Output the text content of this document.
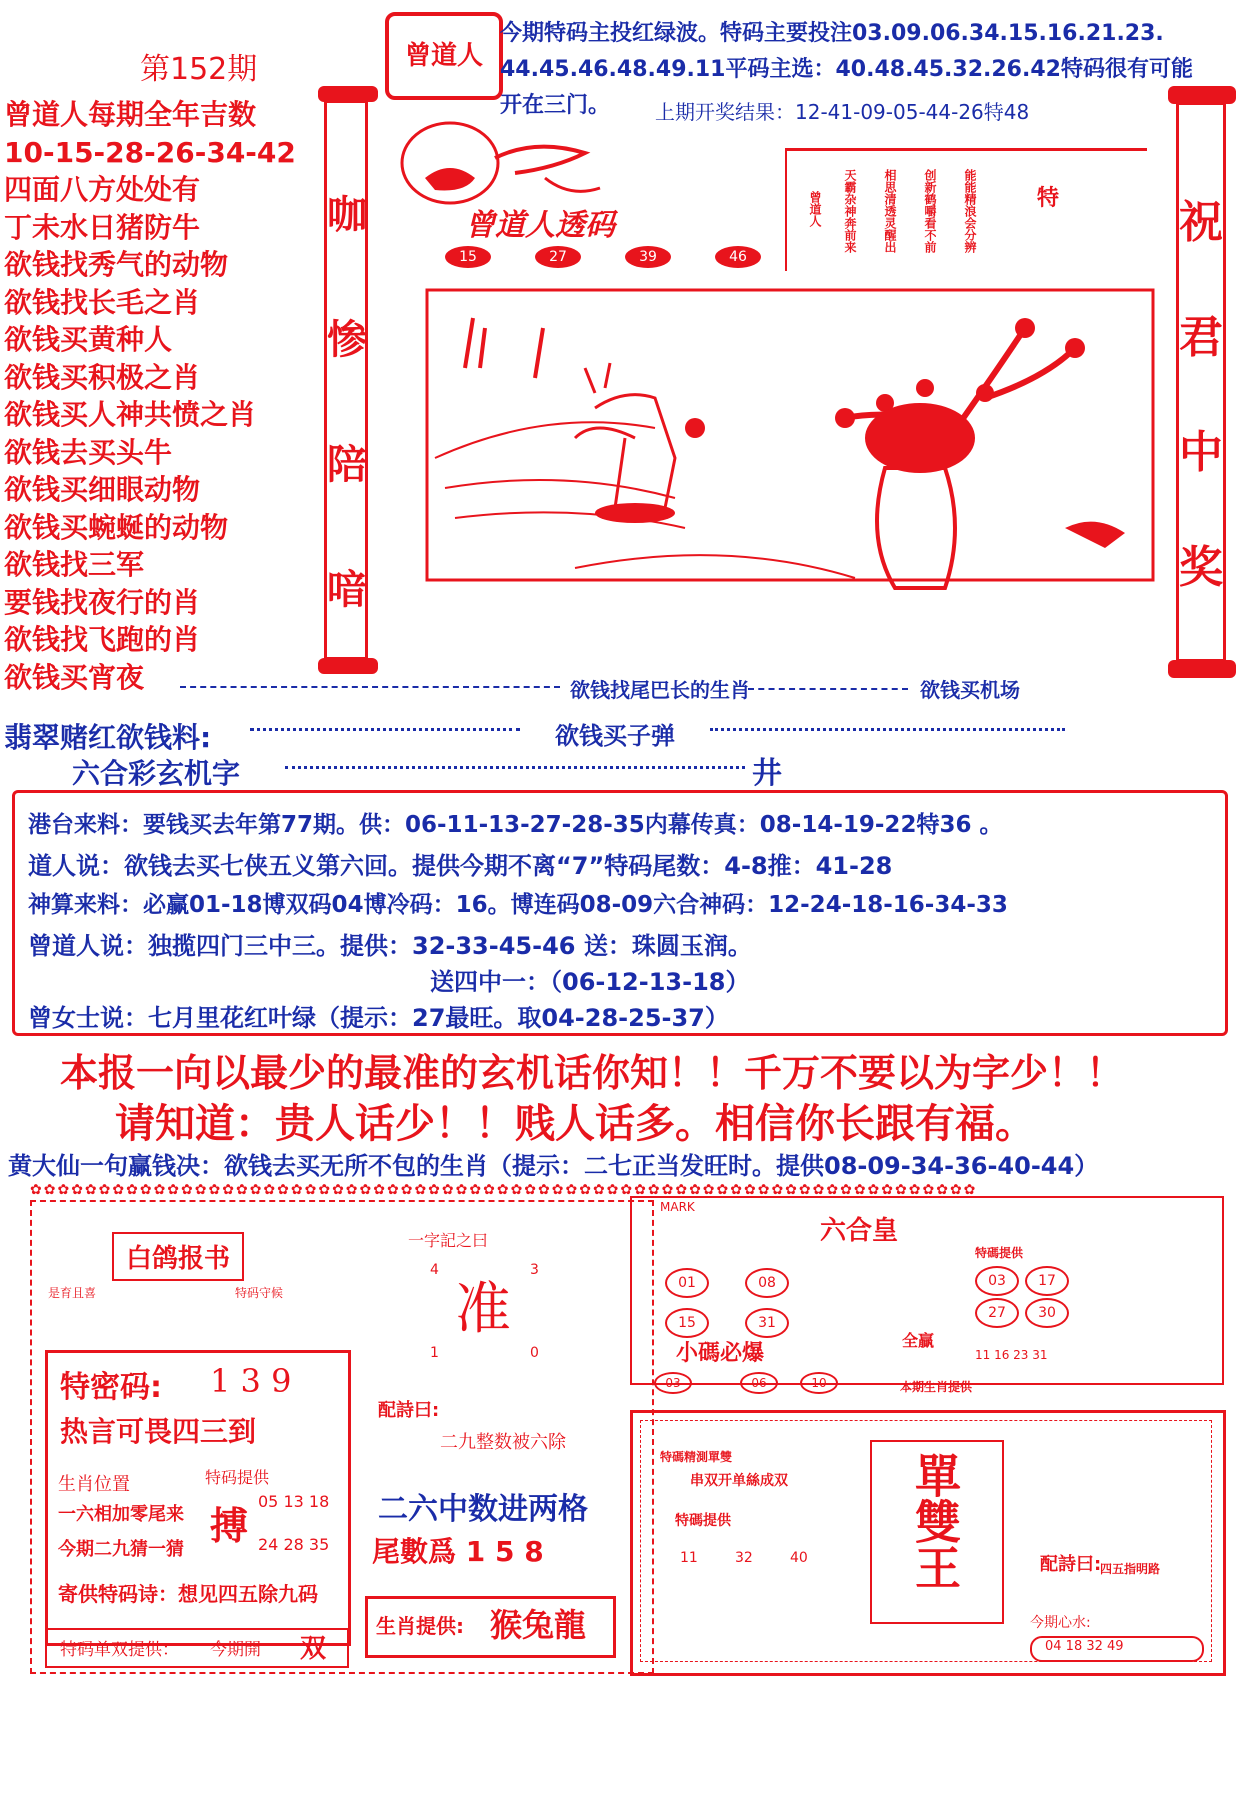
第152期	曾道人
今期特码主投红绿波。特码主要投注03.09.06.34.15.16.21.23.
44.45.46.48.49.11平码主选：40.48.45.32.26.42特码很有可能
开在三门。 上期开奖结果：12-41-09-05-44-26特48
曾道人每期全年吉数
10-15-28-26-34-42
四面八方处处有
丁未水日猪防牛
欲钱找秀气的动物
欲钱找长毛之肖
欲钱买黄种人
欲钱买积极之肖
欲钱买人神共愤之肖
欲钱去买头牛
欲钱买细眼动物
欲钱买蜿蜒的动物
欲钱找三军
要钱找夜行的肖
欲钱找飞跑的肖
欲钱买宵夜
咖
惨
陪
喑
祝
君
中
奖
曾道人透码
15	27	39	46
曾道人 天霸杂神奔前来 相思清透灵醒出 创新鹤嚼看不前 能能精浪会分辨	特
欲钱找尾巴长的生肖	欲钱买机场
翡翠赌红欲钱料:	欲钱买子弹
六合彩玄机字	井
港台来料：要钱买去年第77期。供：06-11-13-27-28-35内幕传真：08-14-19-22特36 。
道人说：欲钱去买七侠五义第六回。提供今期不离“7”特码尾数：4-8推：41-28
神算来料：必赢01-18博双码04博冷码：16。博连码08-09六合神码：12-24-18-16-34-33
曾道人说：独揽四门三中三。提供：32-33-45-46 送：珠圆玉润。
送四中一：（06-12-13-18）
曾女士说：七月里花红叶绿（提示：27最旺。取04-28-25-37）
本报一向以最少的最准的玄机话你知！！千万不要以为字少！！
请知道：贵人话少！！贱人话多。相信你长跟有福。
黄大仙一句赢钱决：欲钱去买无所不包的生肖（提示：二七正当发旺时。提供08-09-34-36-40-44）
✿✿✿✿✿✿✿✿✿✿✿✿✿✿✿✿✿✿✿✿✿✿✿✿✿✿✿✿✿✿✿✿✿✿✿✿✿✿✿✿✿✿✿✿✿✿✿✿✿✿✿✿✿✿✿✿✿✿✿✿✿✿✿✿✿✿✿✿✿
白鸽报书
是育且喜	特码守候
特密码: 1 3 9
热言可畏四三到
生肖位置
一六相加零尾来
特码提供
搏
05 13 18
24 28 35
今期二九猜一猜
寄供特码诗：想见四五除九码
特码单双提供： 今期開 双
一字記之曰
4	3
准
1	0
配詩曰:
二九整数被六除
二六中数进两格
尾數爲 1 5 8
生肖提供: 猴兔龍
MARK
六合皇
01	08
15	31
特碼提供
03	17
27	30
全贏
11 16 23 31
小碼必爆
03	06	10	本期生肖提供
特碼精測單雙
串双开单絲成双
特碼提供
11	32	40 單雙王	配詩曰:
四五指明路
今期心水:
04 18 32 49
